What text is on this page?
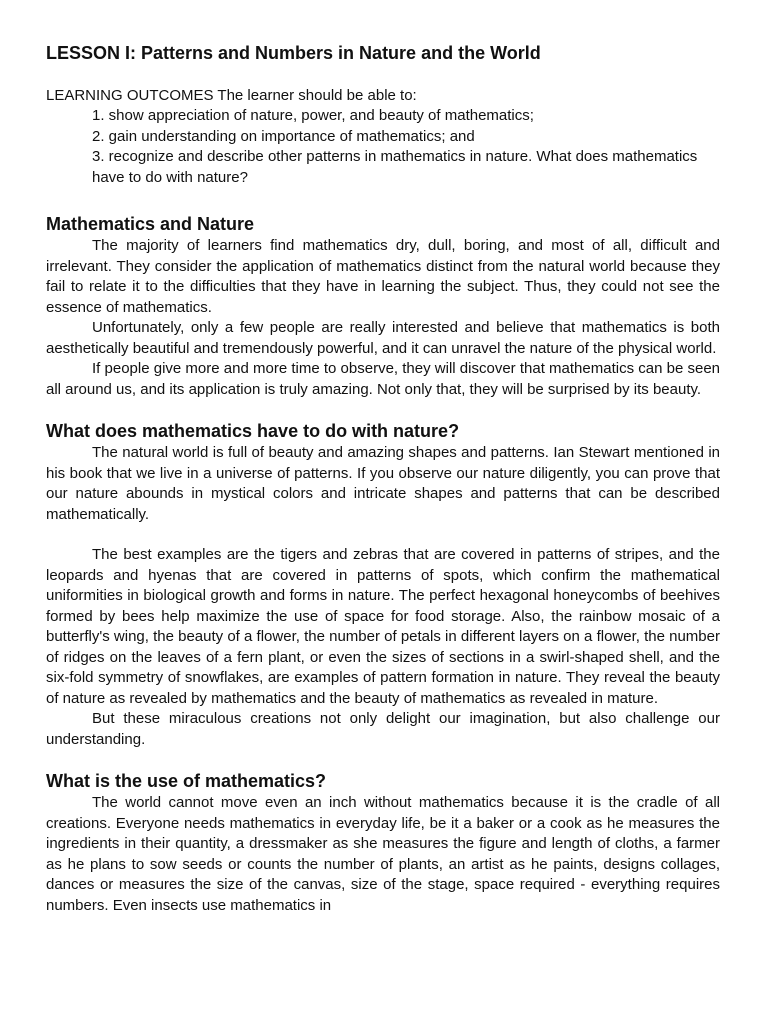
LESSON I: Patterns and Numbers in Nature and the World

LEARNING OUTCOMES The learner should be able to:

1. show appreciation of nature, power, and beauty of mathematics;
2. gain understanding on importance of mathematics; and
3. recognize and describe other patterns in mathematics in nature. What does mathematics have to do with nature?
Mathematics and Nature

The majority of learners find mathematics dry, dull, boring, and most of all, difficult and irrelevant. They consider the application of mathematics distinct from the natural world because they fail to relate it to the difficulties that they have in learning the subject. Thus, they could not see the essence of mathematics.

Unfortunately, only a few people are really interested and believe that mathematics is both aesthetically beautiful and tremendously powerful, and it can unravel the nature of the physical world.

If people give more and more time to observe, they will discover that mathematics can be seen all around us, and its application is truly amazing. Not only that, they will be surprised by its beauty.

What does mathematics have to do with nature?

The natural world is full of beauty and amazing shapes and patterns. Ian Stewart mentioned in his book that we live in a universe of patterns. If you observe our nature diligently, you can prove that our nature abounds in mystical colors and intricate shapes and patterns that can be described mathematically.

The best examples are the tigers and zebras that are covered in patterns of stripes, and the leopards and hyenas that are covered in patterns of spots, which confirm the mathematical uniformities in biological growth and forms in nature. The perfect hexagonal honeycombs of beehives formed by bees help maximize the use of space for food storage. Also, the rainbow mosaic of a butterfly's wing, the beauty of a flower, the number of petals in different layers on a flower, the number of ridges on the leaves of a fern plant, or even the sizes of sections in a swirl-shaped shell, and the six-fold symmetry of snowflakes, are examples of pattern formation in nature. They reveal the beauty of nature as revealed by mathematics and the beauty of mathematics as revealed in mature.

But these miraculous creations not only delight our imagination, but also challenge our understanding.

What is the use of mathematics?

The world cannot move even an inch without mathematics because it is the cradle of all creations. Everyone needs mathematics in everyday life, be it a baker or a cook as he measures the ingredients in their quantity, a dressmaker as she measures the figure and length of cloths, a farmer as he plans to sow seeds or counts the number of plants, an artist as he paints, designs collages, dances or measures the size of the canvas, size of the stage, space required - everything requires numbers. Even insects use mathematics in
